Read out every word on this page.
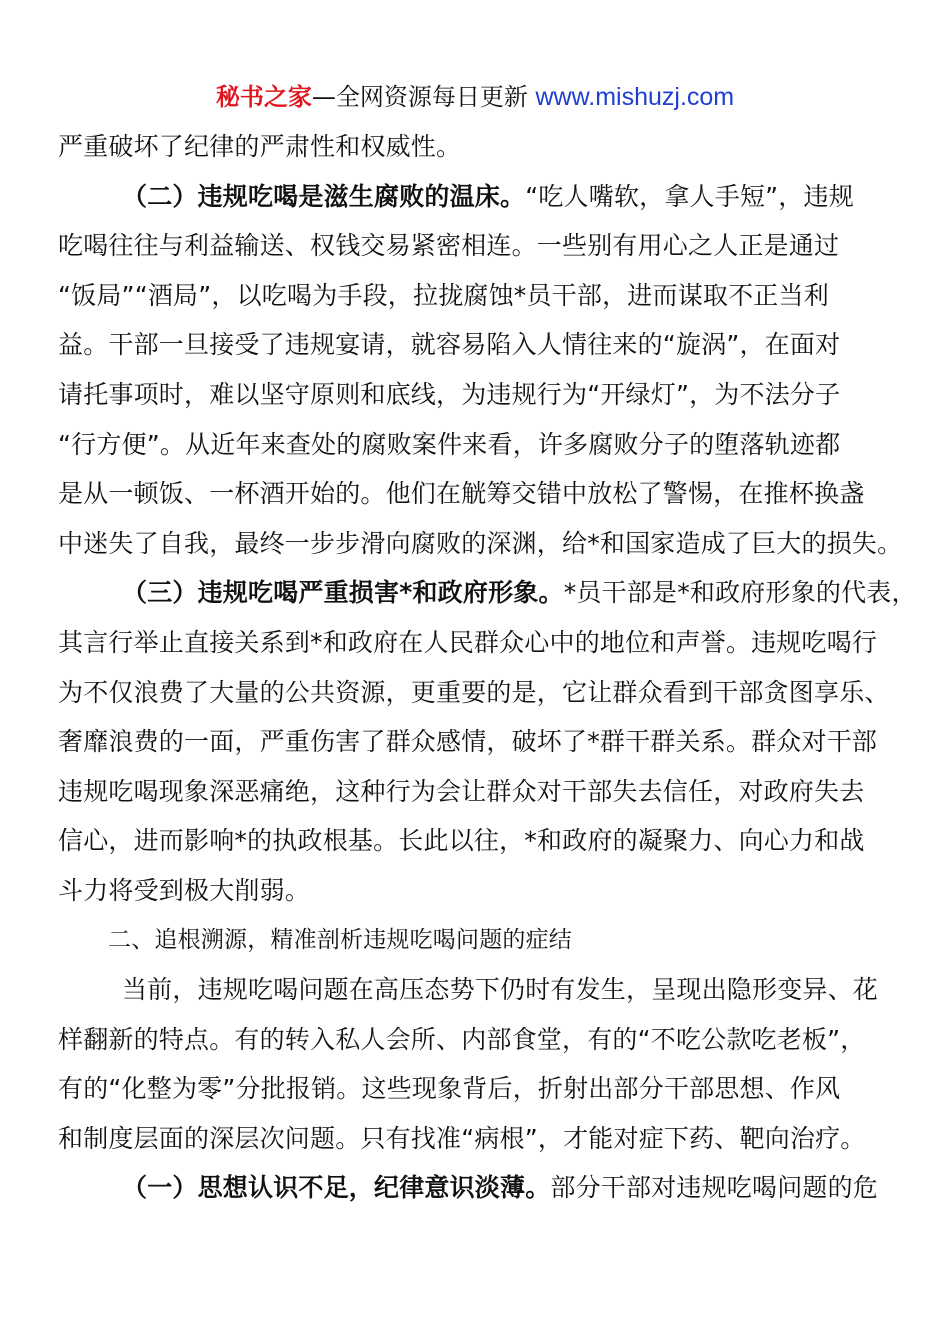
秘书之家—全网资源每日更新 www.mishuzj.com
严重破坏了纪律的严肃性和权威性。
（二）违规吃喝是滋生腐败的温床。“吃人嘴软，拿人手短”，违规
吃喝往往与利益输送、权钱交易紧密相连。一些别有用心之人正是通过
“饭局”“酒局”，以吃喝为手段，拉拢腐蚀*员干部，进而谋取不正当利
益。干部一旦接受了违规宴请，就容易陷入人情往来的“旋涡”，在面对
请托事项时，难以坚守原则和底线，为违规行为“开绿灯”，为不法分子
“行方便”。从近年来查处的腐败案件来看，许多腐败分子的堕落轨迹都
是从一顿饭、一杯酒开始的。他们在觥筹交错中放松了警惕，在推杯换盏
中迷失了自我，最终一步步滑向腐败的深渊，给*和国家造成了巨大的损失。
（三）违规吃喝严重损害*和政府形象。*员干部是*和政府形象的代表，
其言行举止直接关系到*和政府在人民群众心中的地位和声誉。违规吃喝行
为不仅浪费了大量的公共资源，更重要的是，它让群众看到干部贪图享乐、
奢靡浪费的一面，严重伤害了群众感情，破坏了*群干群关系。群众对干部
违规吃喝现象深恶痛绝，这种行为会让群众对干部失去信任，对政府失去
信心，进而影响*的执政根基。长此以往，*和政府的凝聚力、向心力和战
斗力将受到极大削弱。
二、追根溯源，精准剖析违规吃喝问题的症结
当前，违规吃喝问题在高压态势下仍时有发生，呈现出隐形变异、花
样翻新的特点。有的转入私人会所、内部食堂，有的“不吃公款吃老板”，
有的“化整为零”分批报销。这些现象背后，折射出部分干部思想、作风
和制度层面的深层次问题。只有找准“病根”，才能对症下药、靶向治疗。
（一）思想认识不足，纪律意识淡薄。部分干部对违规吃喝问题的危
